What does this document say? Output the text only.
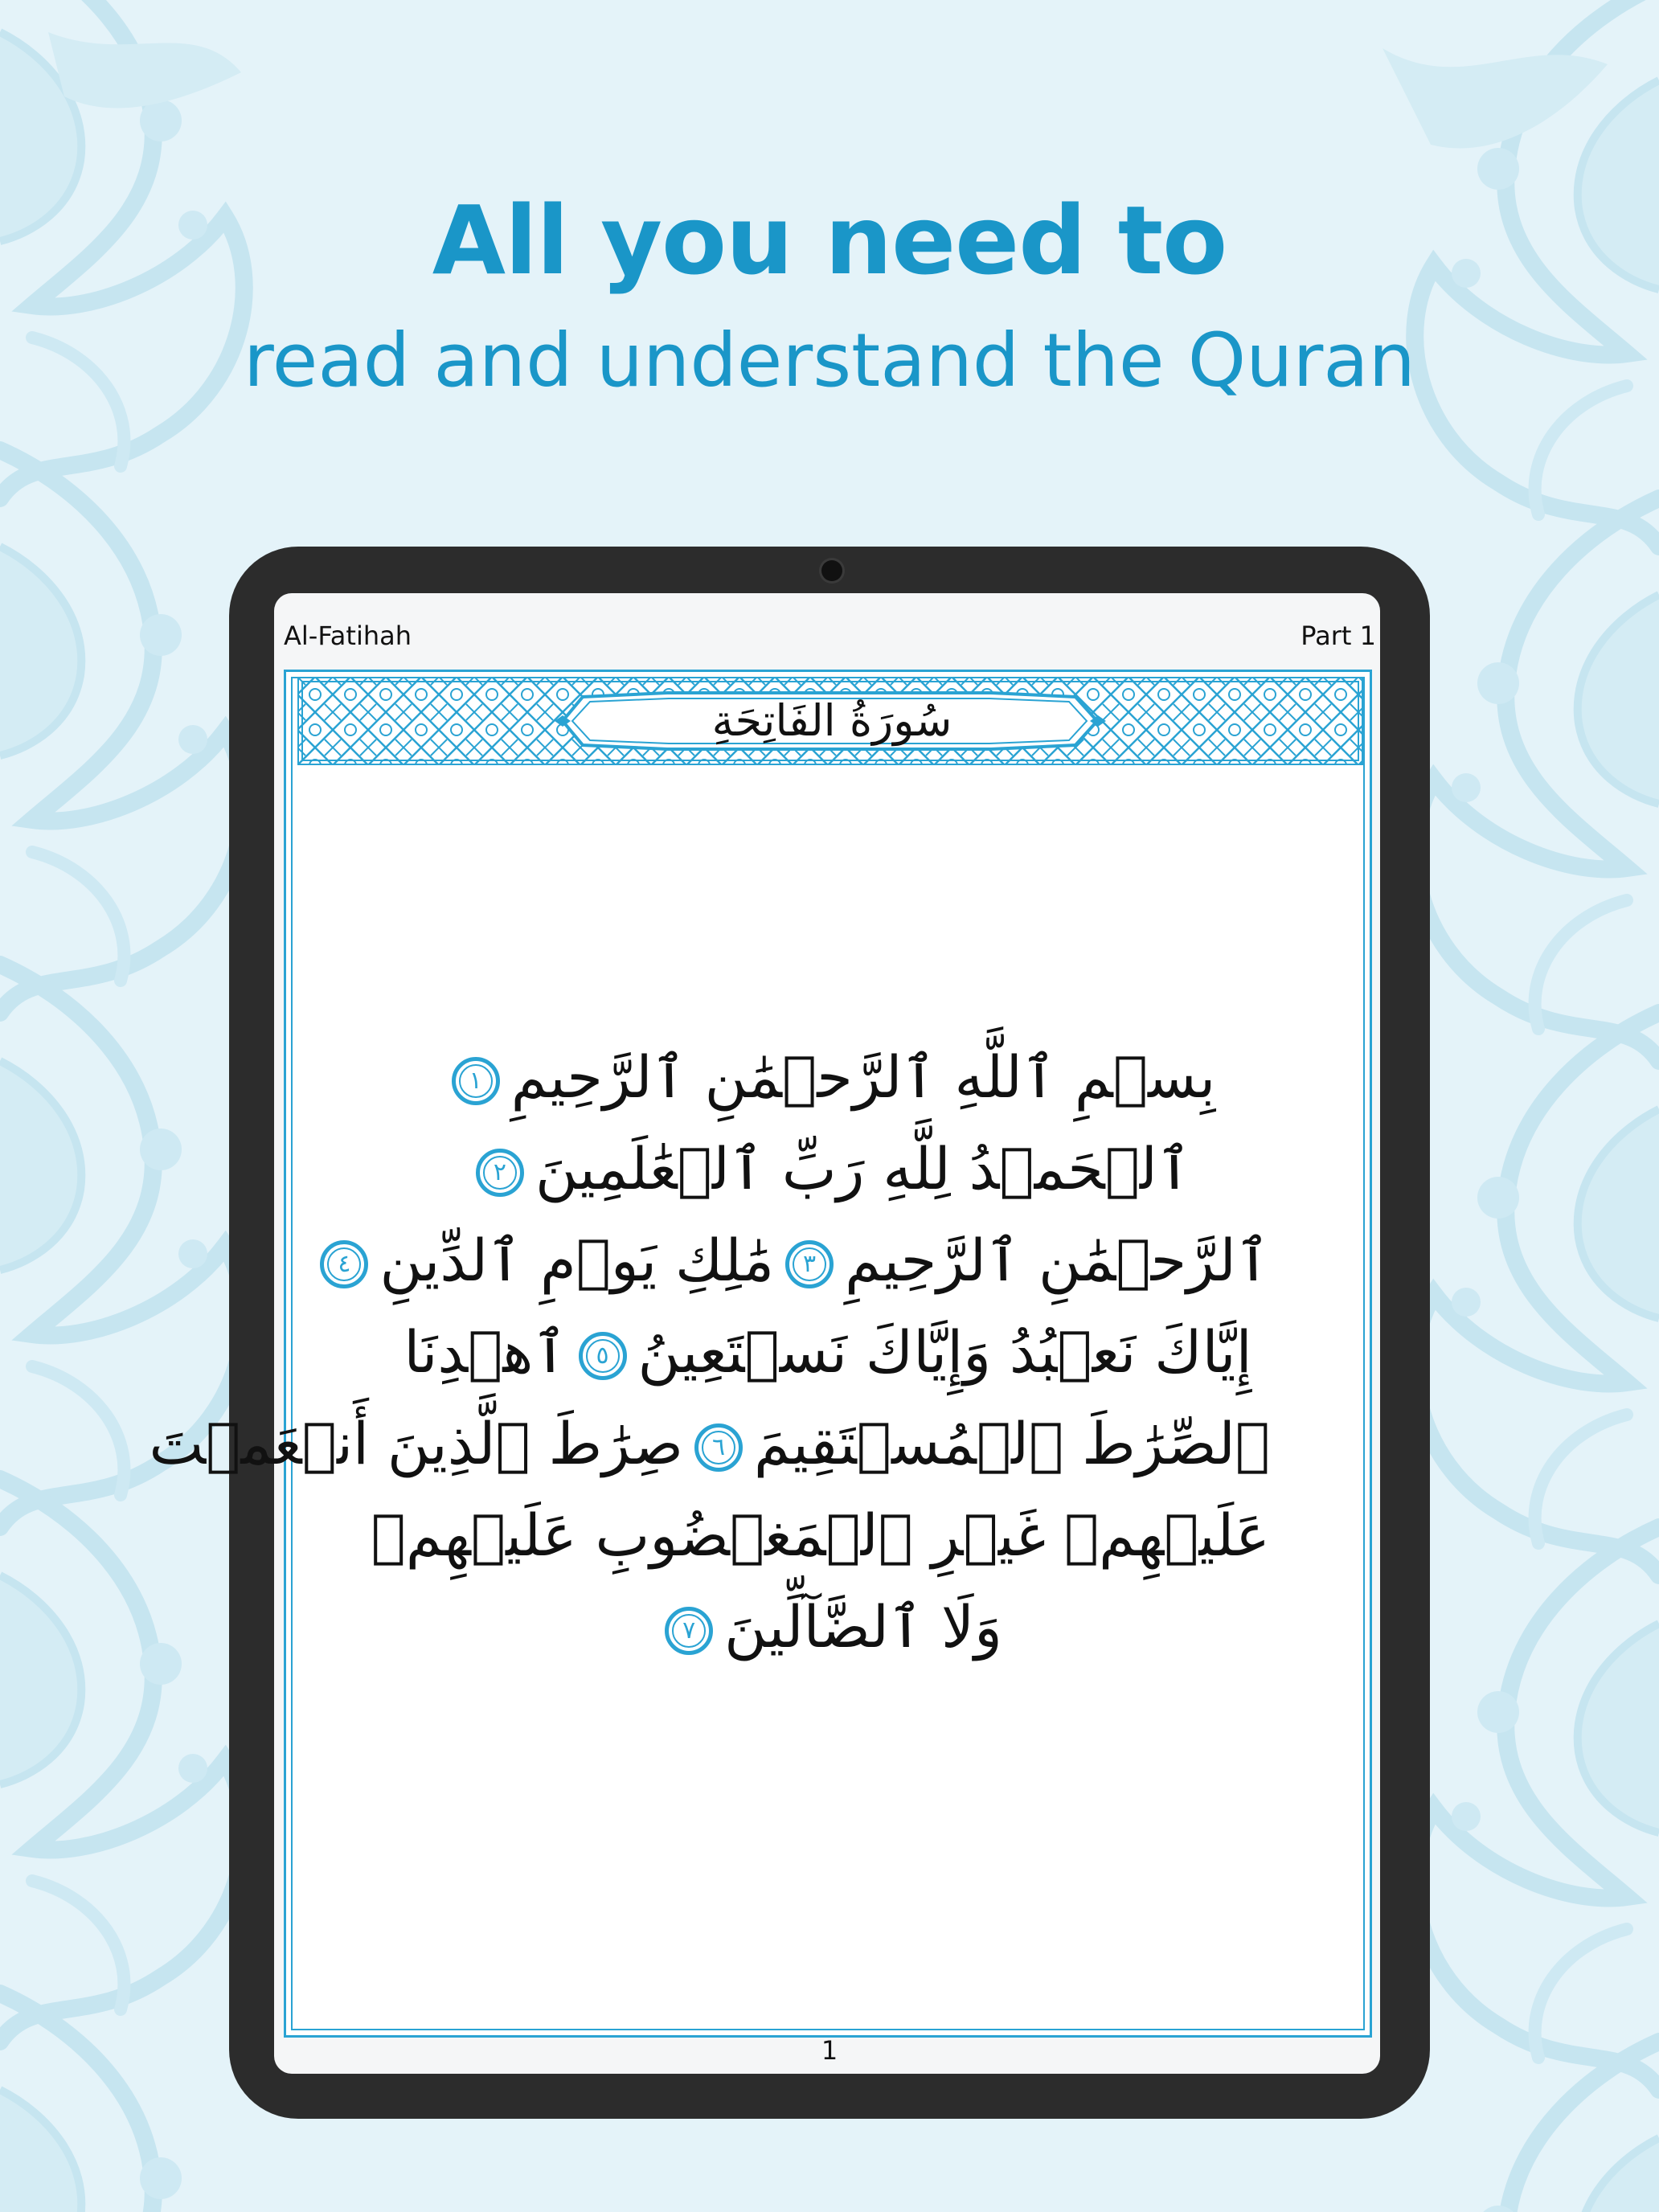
All you need to
read and understand the Quran
Al-Fatihah	Part 1
سُورَةُ الفَاتِحَةِ
بِسۡمِ ٱللَّهِ ٱلرَّحۡمَٰنِ ٱلرَّحِيمِ١
ٱلۡحَمۡدُ لِلَّهِ رَبِّ ٱلۡعَٰلَمِينَ٢
ٱلرَّحۡمَٰنِ ٱلرَّحِيمِ٣مَٰلِكِ يَوۡمِ ٱلدِّينِ٤
إِيَّاكَ نَعۡبُدُ وَإِيَّاكَ نَسۡتَعِينُ٥ٱهۡدِنَا
ٱلصِّرَٰطَ ٱلۡمُسۡتَقِيمَ٦صِرَٰطَ ٱلَّذِينَ أَنۡعَمۡتَ
عَلَيۡهِمۡ غَيۡرِ ٱلۡمَغۡضُوبِ عَلَيۡهِمۡ
وَلَا ٱلضَّآلِّينَ٧
1
